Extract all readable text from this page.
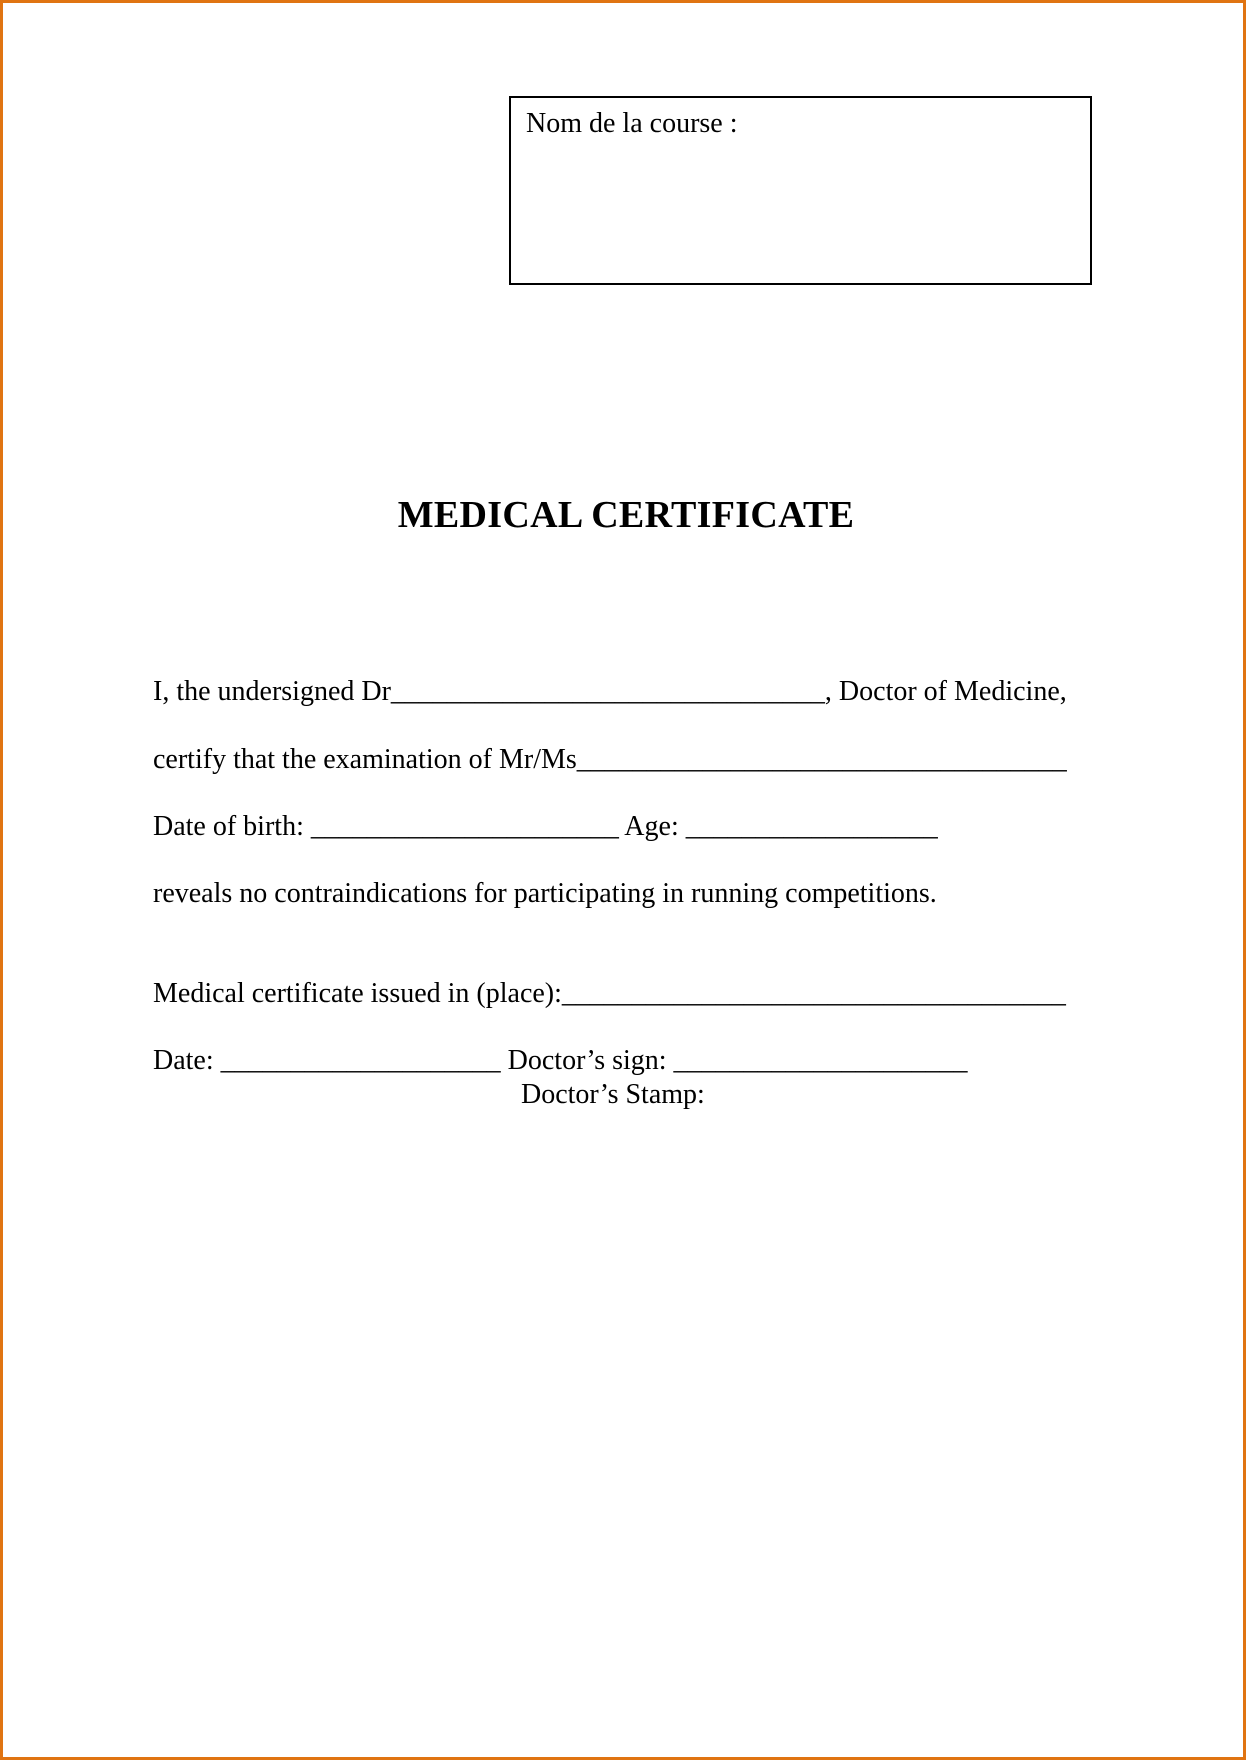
Nom de la course :
MEDICAL CERTIFICATE
I, the undersigned Dr_______________________________, Doctor of Medicine,
certify that the examination of Mr/Ms___________________________________
Date of birth: ______________________ Age: __________________
reveals no contraindications for participating in running competitions.
Medical certificate issued in (place):____________________________________
Date: ____________________ Doctor’s sign: _____________________
Doctor’s Stamp:
